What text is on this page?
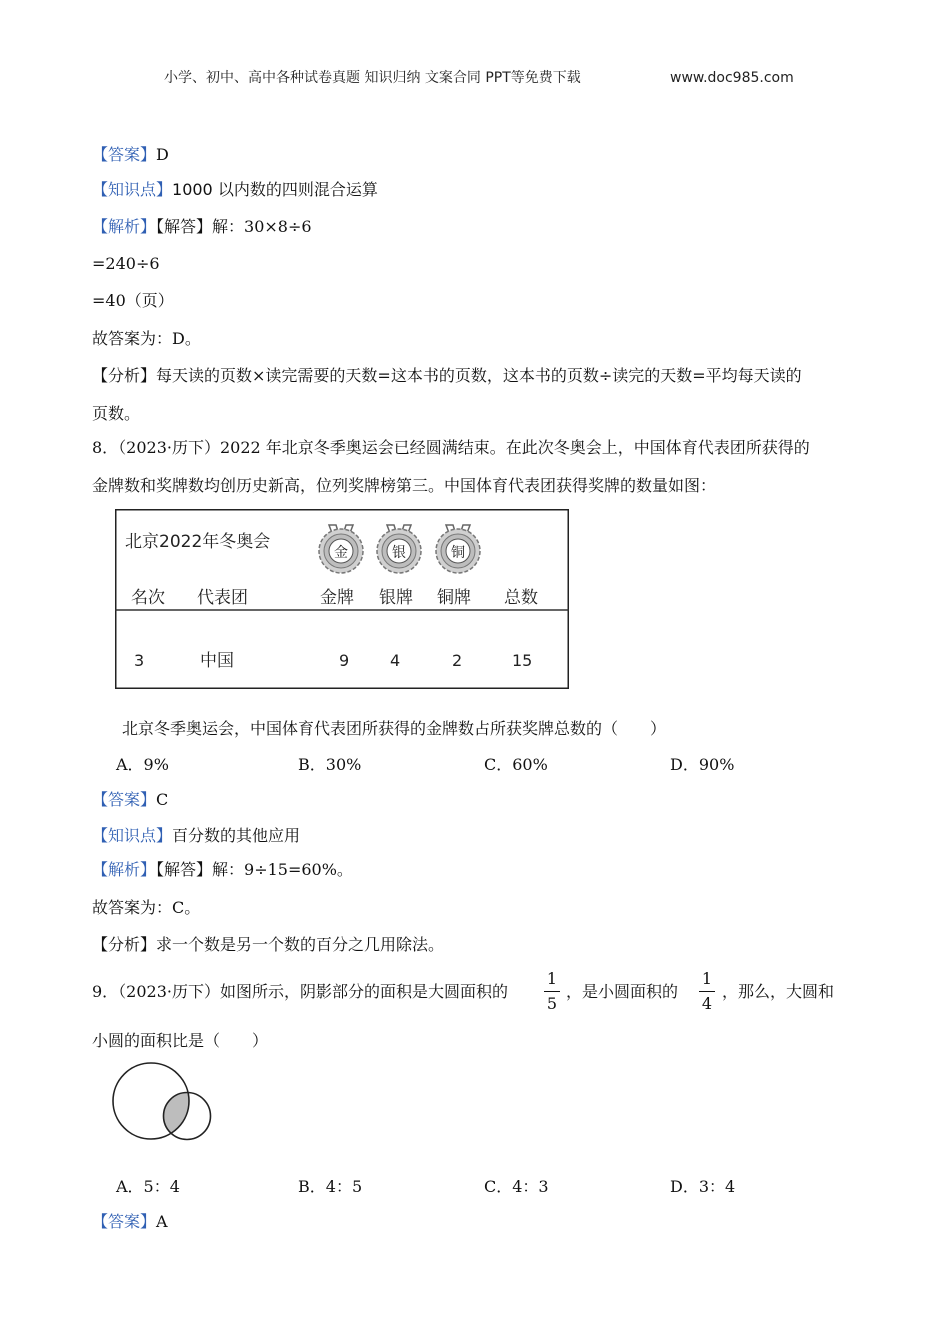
小学、初中、高中各种试卷真题 知识归纳 文案合同 PPT等免费下载	www.doc985.com
【答案】D
【知识点】1000 以内数的四则混合运算
【解析】【解答】解：30×8÷6
=240÷6
=40（页）
故答案为：D。
【分析】每天读的页数×读完需要的天数=这本书的页数，这本书的页数÷读完的天数=平均每天读的
页数。
8．（2023·历下）2022 年北京冬季奥运会已经圆满结束。在此次冬奥会上，中国体育代表团所获得的
金牌数和奖牌数均创历史新高，位列奖牌榜第三。中国体育代表团获得奖牌的数量如图：
北京2022年冬奥会
金	银	铜
名次 代表团	金牌 银牌 铜牌 总数
3	中国	9	4	2	15
北京冬季奥运会，中国体育代表团所获得的金牌数占所获奖牌总数的（　　）
A．9%	B．30%	C．60%	D．90%
【答案】C
【知识点】百分数的其他应用
【解析】【解答】解：9÷15=60%。
故答案为：C。
【分析】求一个数是另一个数的百分之几用除法。
9．（2023·历下）如图所示，阴影部分的面积是大圆面积的
1
5
，是小圆面积的
1
4
，那么，大圆和
小圆的面积比是（　　）
A．5：4	B．4：5	C．4：3	D．3：4
【答案】A
